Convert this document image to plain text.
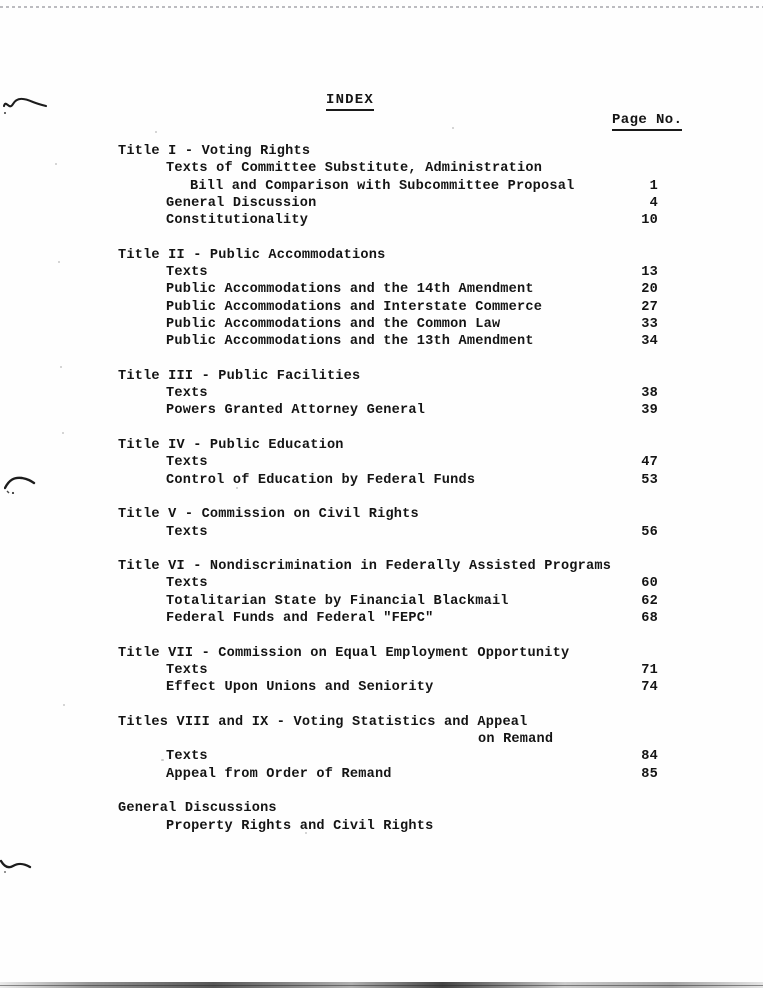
INDEX
Page No.
Title I - Voting Rights
Texts of Committee Substitute, Administration
Bill and Comparison with Subcommittee Proposal	1
General Discussion	4
Constitutionality	10
Title II - Public Accommodations
Texts	13
Public Accommodations and the 14th Amendment	20
Public Accommodations and Interstate Commerce	27
Public Accommodations and the Common Law	33
Public Accommodations and the 13th Amendment	34
Title III - Public Facilities
Texts	38
Powers Granted Attorney General	39
Title IV - Public Education
Texts	47
Control of Education by Federal Funds	53
Title V - Commission on Civil Rights
Texts	56
Title VI - Nondiscrimination in Federally Assisted Programs
Texts	60
Totalitarian State by Financial Blackmail	62
Federal Funds and Federal "FEPC"	68
Title VII - Commission on Equal Employment Opportunity
Texts	71
Effect Upon Unions and Seniority	74
Titles VIII and IX - Voting Statistics and Appeal
on Remand
Texts	84
Appeal from Order of Remand	85
General Discussions
Property Rights and Civil Rights
